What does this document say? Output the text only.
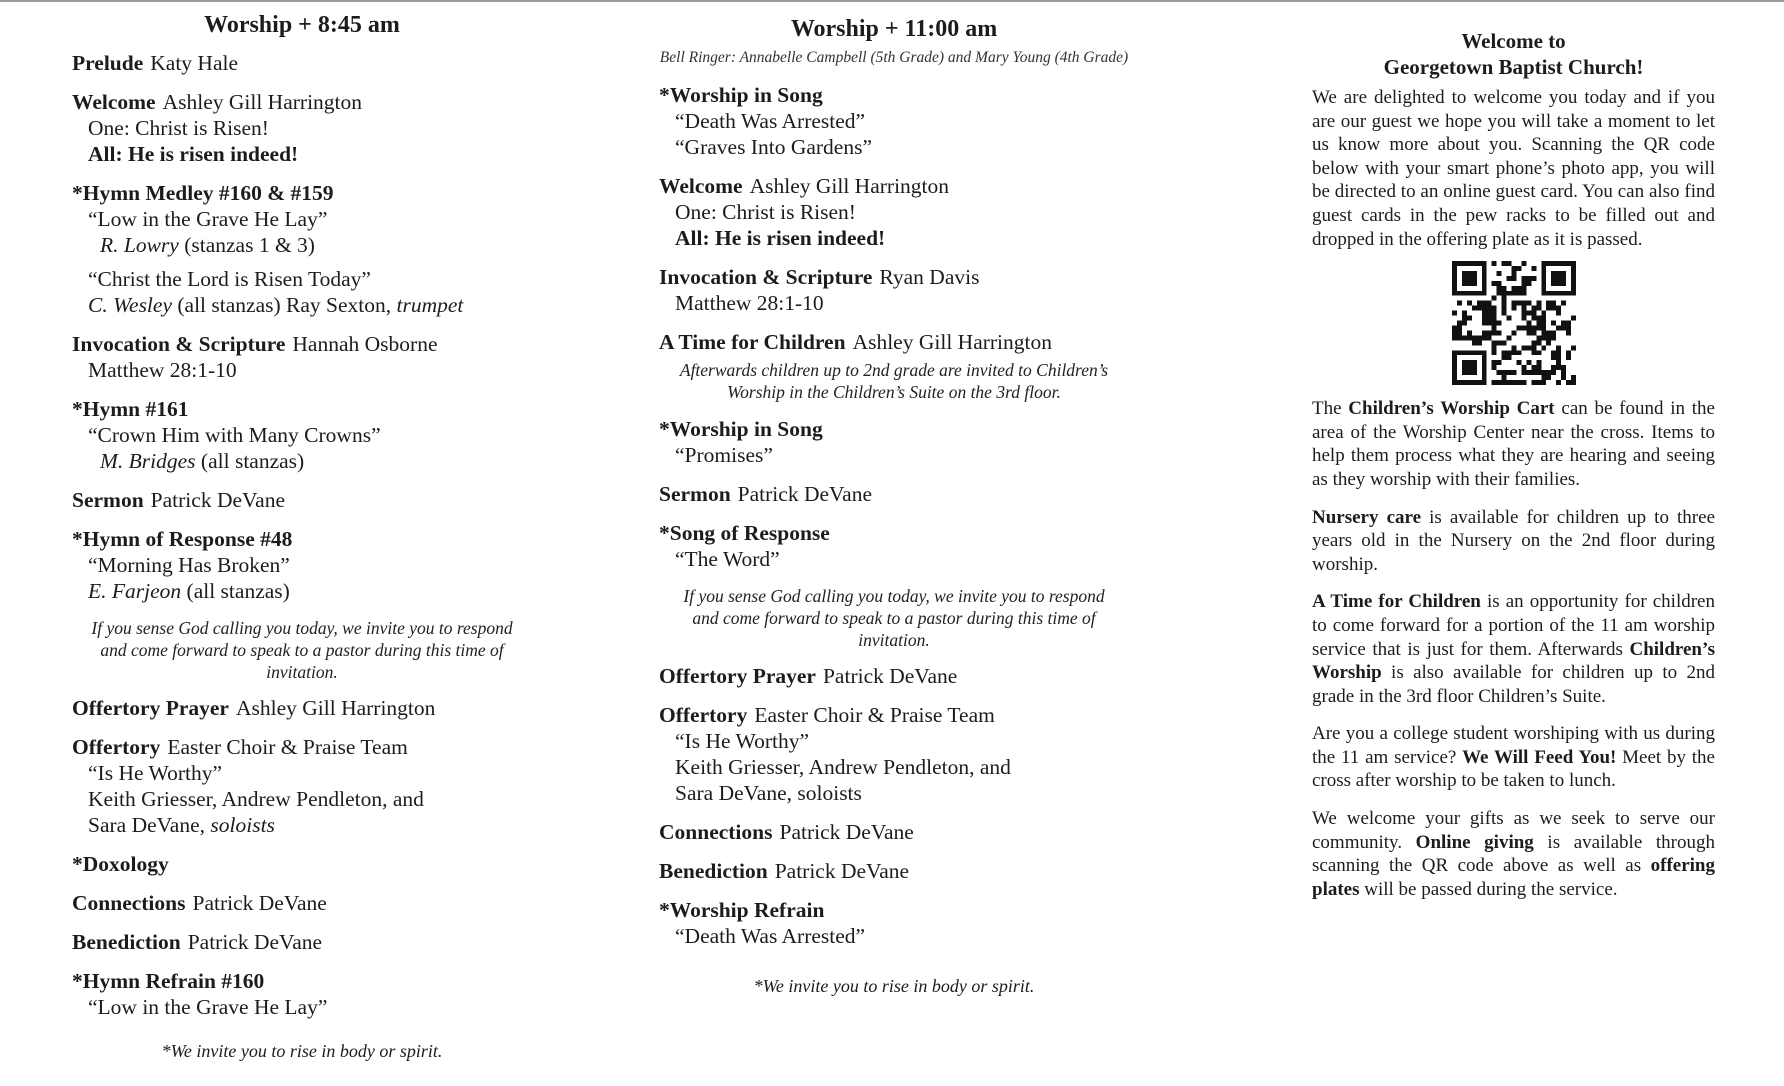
Worship + 8:45 am
Prelude Katy Hale
Welcome Ashley Gill Harrington
One: Christ is Risen!
All: He is risen indeed!
*Hymn Medley #160 & #159
“Low in the Grave He Lay”
R. Lowry (stanzas 1 & 3)
“Christ the Lord is Risen Today”
C. Wesley (all stanzas) Ray Sexton, trumpet
Invocation & Scripture Hannah Osborne
Matthew 28:1-10
*Hymn #161
“Crown Him with Many Crowns”
M. Bridges (all stanzas)
Sermon Patrick DeVane
*Hymn of Response #48
“Morning Has Broken”
E. Farjeon (all stanzas)
If you sense God calling you today, we invite you to respond and come forward to speak to a pastor during this time of invitation.
Offertory Prayer Ashley Gill Harrington
Offertory Easter Choir & Praise Team
“Is He Worthy”
Keith Griesser, Andrew Pendleton, and
Sara DeVane, soloists
*Doxology
Connections Patrick DeVane
Benediction Patrick DeVane
*Hymn Refrain #160
“Low in the Grave He Lay”
*We invite you to rise in body or spirit.
Worship + 11:00 am
Bell Ringer: Annabelle Campbell (5th Grade) and Mary Young (4th Grade)
*Worship in Song
“Death Was Arrested”
“Graves Into Gardens”
Welcome Ashley Gill Harrington
One: Christ is Risen!
All: He is risen indeed!
Invocation & Scripture Ryan Davis
Matthew 28:1-10
A Time for Children Ashley Gill Harrington
Afterwards children up to 2nd grade are invited to Children’s Worship in the Children’s Suite on the 3rd floor.
*Worship in Song
“Promises”
Sermon Patrick DeVane
*Song of Response
“The Word”
If you sense God calling you today, we invite you to respond and come forward to speak to a pastor during this time of invitation.
Offertory Prayer Patrick DeVane
Offertory Easter Choir & Praise Team
“Is He Worthy”
Keith Griesser, Andrew Pendleton, and
Sara DeVane, soloists
Connections Patrick DeVane
Benediction Patrick DeVane
*Worship Refrain
“Death Was Arrested”
*We invite you to rise in body or spirit.
Welcome to
Georgetown Baptist Church!

We are delighted to welcome you today and if you are our guest we hope you will take a moment to let us know more about you. Scanning the QR code below with your smart phone’s photo app, you will be directed to an online guest card. You can also find guest cards in the pew racks to be filled out and dropped in the offering plate as it is passed.

The Children’s Worship Cart can be found in the area of the Worship Center near the cross. Items to help them process what they are hearing and seeing as they worship with their families.

Nursery care is available for children up to three years old in the Nursery on the 2nd floor during worship.

A Time for Children is an opportunity for children to come forward for a portion of the 11 am worship service that is just for them. Afterwards Children’s Worship is also available for children up to 2nd grade in the 3rd floor Children’s Suite.

Are you a college student worshiping with us during the 11 am service? We Will Feed You! Meet by the cross after worship to be taken to lunch.

We welcome your gifts as we seek to serve our community. Online giving is available through scanning the QR code above as well as offering plates will be passed during the service.
